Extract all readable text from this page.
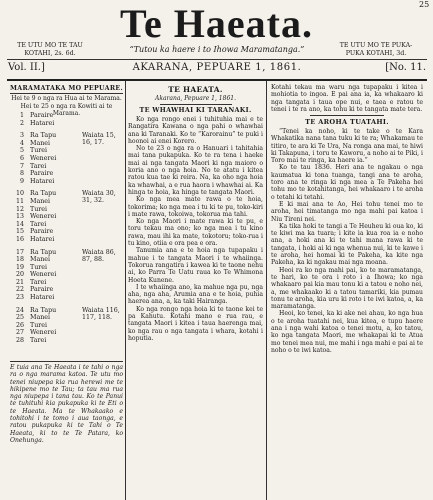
25
Te Haeata.
TE UTU MO TE TAU
KOTAHI, 2s. 6d.	“Tutou ka haere i to Ihowa Maramatanga.”	TE UTU MO TE PUKA-
PUKA KOTAHI, 3d.
Vol. II.]	AKARANA, PEPUARE 1, 1861.	[No. 11.
MARAMATAKA MO PEPUARE.
Hei te 9 o nga ra Hua ai te Marama.
Hei te 25 o nga ra Kowiti ai te Marama.
1 Paraire
2 Hatarei
3 Ra Tapu	Waiata 15, 16, 17.
4 Manei
5 Turei
6 Wenerei
7 Tarei
8 Paraire
9 Hatarei
10 Ra Tapu	Waiata 30, 31, 32.
11 Manei
12 Turei
13 Wenerei
14 Tarei
15 Paraire
16 Hatarei
17 Ra Tapu	Waiata 86, 87, 88.
18 Manei
19 Turei
20 Wenerei
21 Tarei
22 Paraire
23 Hatarei
24 Ra Tapu	Waiata 116, 117, 118.
25 Manei
26 Turei
27 Wenerei
28 Tarei
E tuia ana Te Haeata i te tahi o nga ra o nga marama katoa. Te utu mo tenei niupepa kia rua herewi me te hikipene mo te Tau; ta tau ma rua nga niupepa i tana tau. Ko te Panui te tuhituhi kia pukapuka ki te Eti o te Haeata. Ma te Whakaako e tohitohi i te tomo i aua taonga, e ratou pukapuka ki te Tahi o Te Haeata, ki to te Te Patara, ko Onehunga.
TE HAEATA.
Akarana, Pepuare 1, 1861.
TE WHAWHAI KI TARANAKI.

Ko nga rongo enei i tuhituhia mai e te Rangatira Kawana o nga pahi o whawhai ana ki Taranaki. Ko te “Karorainu” te puki i hoonoi ai enei Korero.

No te 23 o nga ra o Hanuari i tahitahia mai tana pukapuka. Ko te ra tena i haeke mai ai nga tangata Maori ki nga maioro o koria ano o nga hoia. No te atatu i kitea ratou kua tae ki reira. Na, ka oho nga hoia ka whawhai, a e rua haora i whawhai ai. Ka hinga te hoia, ka hinga te tangata Maori.

Ko nga mea mate rawa o te hoia, tokorima; ko nga mea i tu ki te pu, toko-kiri i mate rawa, tokoiwa, tokorua ma tahi.

Ko nga Maori i mate rawa ki te pu, e toru tekau ma ono; ko nga mea i tu kino rawa, mau ihi ka mate, tokotoru; toko-rua i tu kino, otiia e ora pea e ora.

Tanumia ana e te hoia nga tupapaku i mahue i te tangata Maori i te whaiinga. Tokorua rangatira i kawea ki te taone nehu ai, ko Parra Te Uatu raua ko Te Whimona Hoeta Kunene.

I te whaiinga ano, ka mahue nga pu, nga aha, nga aha, Arumia ana e te hoia, puhia haerea ana, a, ka taki Hairanga.

Ko nga rongo nga hoia ki te taone kei te pa Kahutu. Kotahi mano e rua rau, e tangata Maori i kitea i taua haerenga mai, ko nga rau o nga tangata i whara, kotahi i hoputia.

Kotahi tekau ma waru nga tupapaku i kitea i mohiotia to ingoa. E pai ana ia, ka whakaaro ki nga tangata i taua ope nui, e taea e ratou te tenei i te ra ano, ka tohu ki te tangata mate tera.

TE AROHA TUATAHI.

“Tenei ka noho, ki te take o te Kara Whakatika nana tana tuku ki te ra; Whakamau te titiro, te ara ki Te Ura, Na ronga ana mai, te hiwi ki Takapuna, i toru te Kaworu, a noho ai te Piki, i Toro mai te ringa, ka haere ia.”

Ko te tau 1836. Heri ana te ngakau o nga kaumatua ki tona tuanga, tangi ana te aroha, toro ana te ringa ki nga mea a Te Pakeha hei tohu mo te kotahitanga, hei whakaaro i te aroha o tetahi ki tetahi.

E ki mai ana te Ao, Hei tohu tenei mo te aroha, hei timatanga mo nga mahi pai katoa i Niu Tireni nei.

Ka tika hoki te tangi a Te Heuheu ki oua ko, ki te kiwi ma ka tuara; i kite ia kua roa ia e noho ana, a hoki ana ki te tahi mana rawa ki te tangata, i hoki ai ki nga whenua nui, ki te kawe i te aroha, hei homai ki te Pakeha, ka kite nga Pakeha, ka ki ngakau mai nga moana.

Heoi ra ko nga mahi pai, ko te maramatanga, te hari, ko te ora i roto i a Ihowa; ko nga whakaaro pai kia mau tonu ki a tatou e noho nei, a, me whakaako ki a tatou tamariki, kia pumau tonu te aroha, kia uru ki roto i te iwi katoa, a, ka maramatanga.

Heoi, ko tenei, ka ki ake nei ahau, ko nga hua o te aroha tuatahi nei, kua kitea, e tupu haere ana i nga wahi katoa o tenei motu, a, ko tatou, ko nga tangata Maori, me whakapai ki te Atua mo tenei mea nui, me mahi i nga mahi e pai ai te noho o te iwi katoa.
